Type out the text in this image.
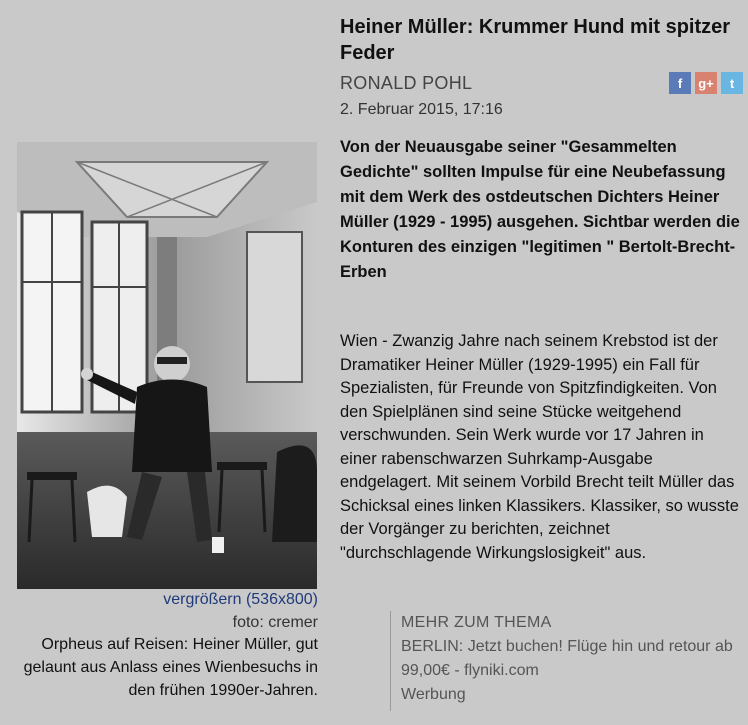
vergrößern (536x800)
foto: cremer
Orpheus auf Reisen: Heiner Müller, gut gelaunt aus Anlass eines Wienbesuchs in den frühen 1990er-Jahren.
Heiner Müller: Krummer Hund mit spitzer Feder
RONALD POHL
2. Februar 2015, 17:16
f	g+	t
Von der Neuausgabe seiner "Gesammelten Gedichte" sollten Impulse für eine Neubefassung mit dem Werk des ostdeutschen Dichters Heiner Müller (1929 - 1995) ausgehen. Sichtbar werden die Konturen des einzigen "legitimen " Bertolt-Brecht-Erben
Wien - Zwanzig Jahre nach seinem Krebstod ist der Dramatiker Heiner Müller (1929-1995) ein Fall für Spezialisten, für Freunde von Spitzfindigkeiten. Von den Spielplänen sind seine Stücke weitgehend verschwunden. Sein Werk wurde vor 17 Jahren in einer rabenschwarzen Suhrkamp-Ausgabe endgelagert. Mit seinem Vorbild Brecht teilt Müller das Schicksal eines linken Klassikers. Klassiker, so wusste der Vorgänger zu berichten, zeichnet "durchschlagende Wirkungslosigkeit" aus.
MEHR ZUM THEMA
BERLIN: Jetzt buchen! Flüge hin und retour ab 99,00€ - flyniki.com
Werbung
